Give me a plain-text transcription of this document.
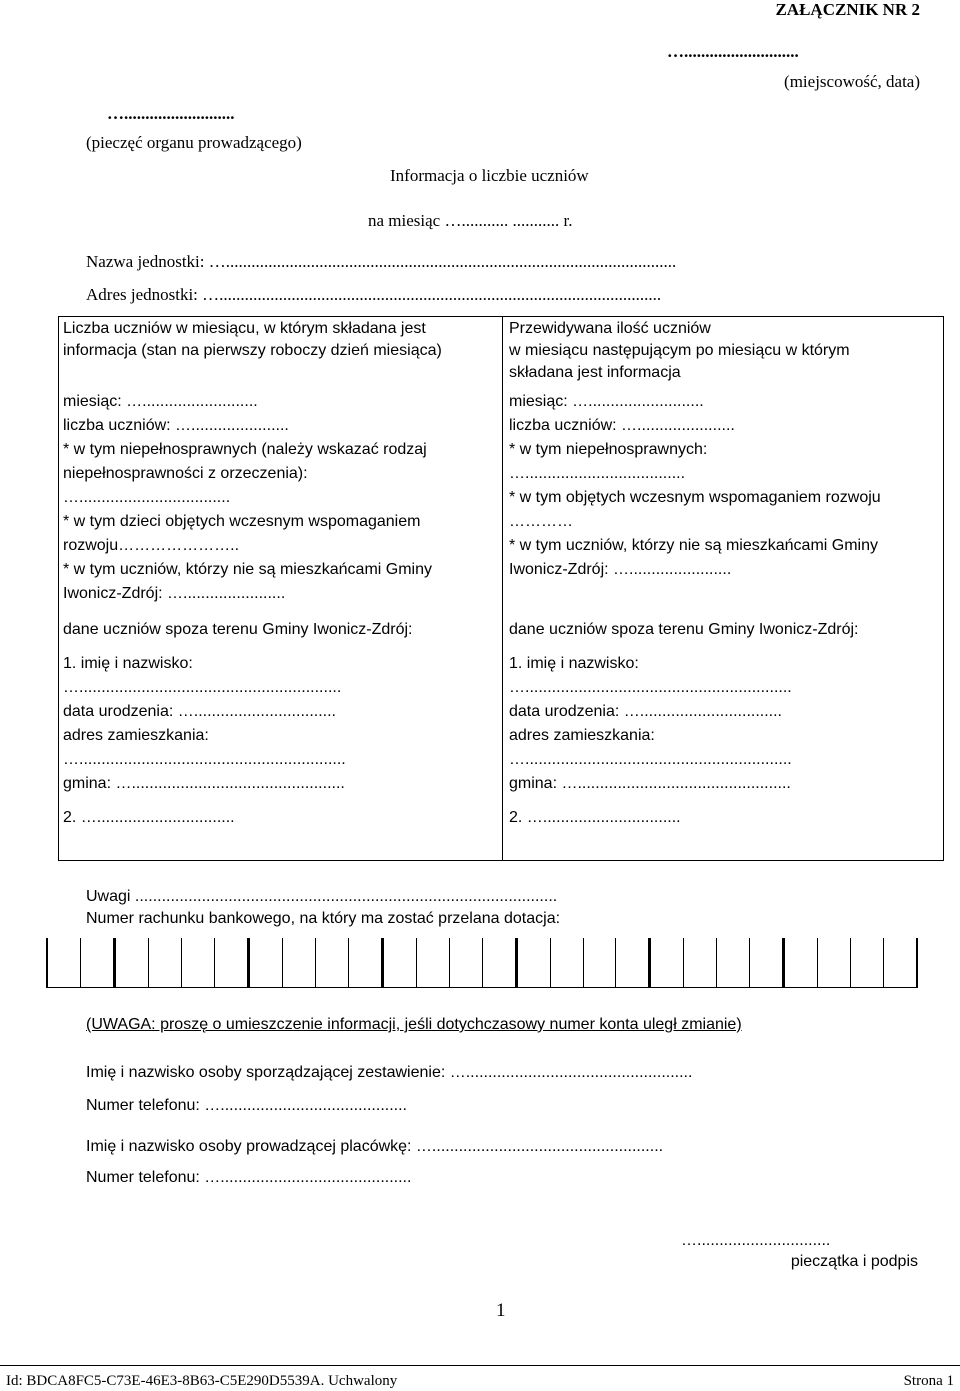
ZAŁĄCZNIK NR 2
…...........................
(miejscowość, data)
…..........................
(pieczęć organu prowadzącego)
Informacja o liczbie uczniów
na miesiąc …........... ........... r.
Nazwa jednostki: …..........................................................................................................
Adres jednostki: …........................................................................................................
Liczba uczniów w miesiącu, w którym składana jest
informacja (stan na pierwszy roboczy dzień miesiąca)
miesiąc: …..........................
liczba uczniów: …......................
* w tym niepełnosprawnych (należy wskazać rodzaj
niepełnosprawności z orzeczenia):
…..................................
* w tym dzieci objętych wczesnym wspomaganiem
rozwoju…………………..
* w tym uczniów, którzy nie są mieszkańcami Gminy
Iwonicz-Zdrój: ….......................
dane uczniów spoza terenu Gminy Iwonicz-Zdrój:
1. imię i nazwisko:
…...........................................................
data urodzenia: …................................
adres zamieszkania:
…............................................................
gmina: …................................................
2. …...............................
Przewidywana ilość uczniów
w miesiącu następującym po miesiącu w którym
składana jest informacja
miesiąc: …..........................
liczba uczniów: …......................
* w tym niepełnosprawnych:
…....................................
* w tym objętych wczesnym wspomaganiem rozwoju
…………
* w tym uczniów, którzy nie są mieszkańcami Gminy
Iwonicz-Zdrój: ….......................
dane uczniów spoza terenu Gminy Iwonicz-Zdrój:
1. imię i nazwisko:
…............................................................
data urodzenia: …................................
adres zamieszkania:
…............................................................
gmina: …................................................
2. …...............................
Uwagi ...............................................................................................
Numer rachunku bankowego, na który ma zostać przelana dotacja:
(UWAGA: proszę o umieszczenie informacji, jeśli dotychczasowy numer konta uległ zmianie)
Imię i nazwisko osoby sporządzającej zestawienie: …...................................................
Numer telefonu: …..........................................
Imię i nazwisko osoby prowadzącej placówkę: …....................................................
Numer telefonu: …...........................................
…..............................
pieczątka i podpis
1
Id: BDCA8FC5-C73E-46E3-8B63-C5E290D5539A. Uchwalony	Strona 1
